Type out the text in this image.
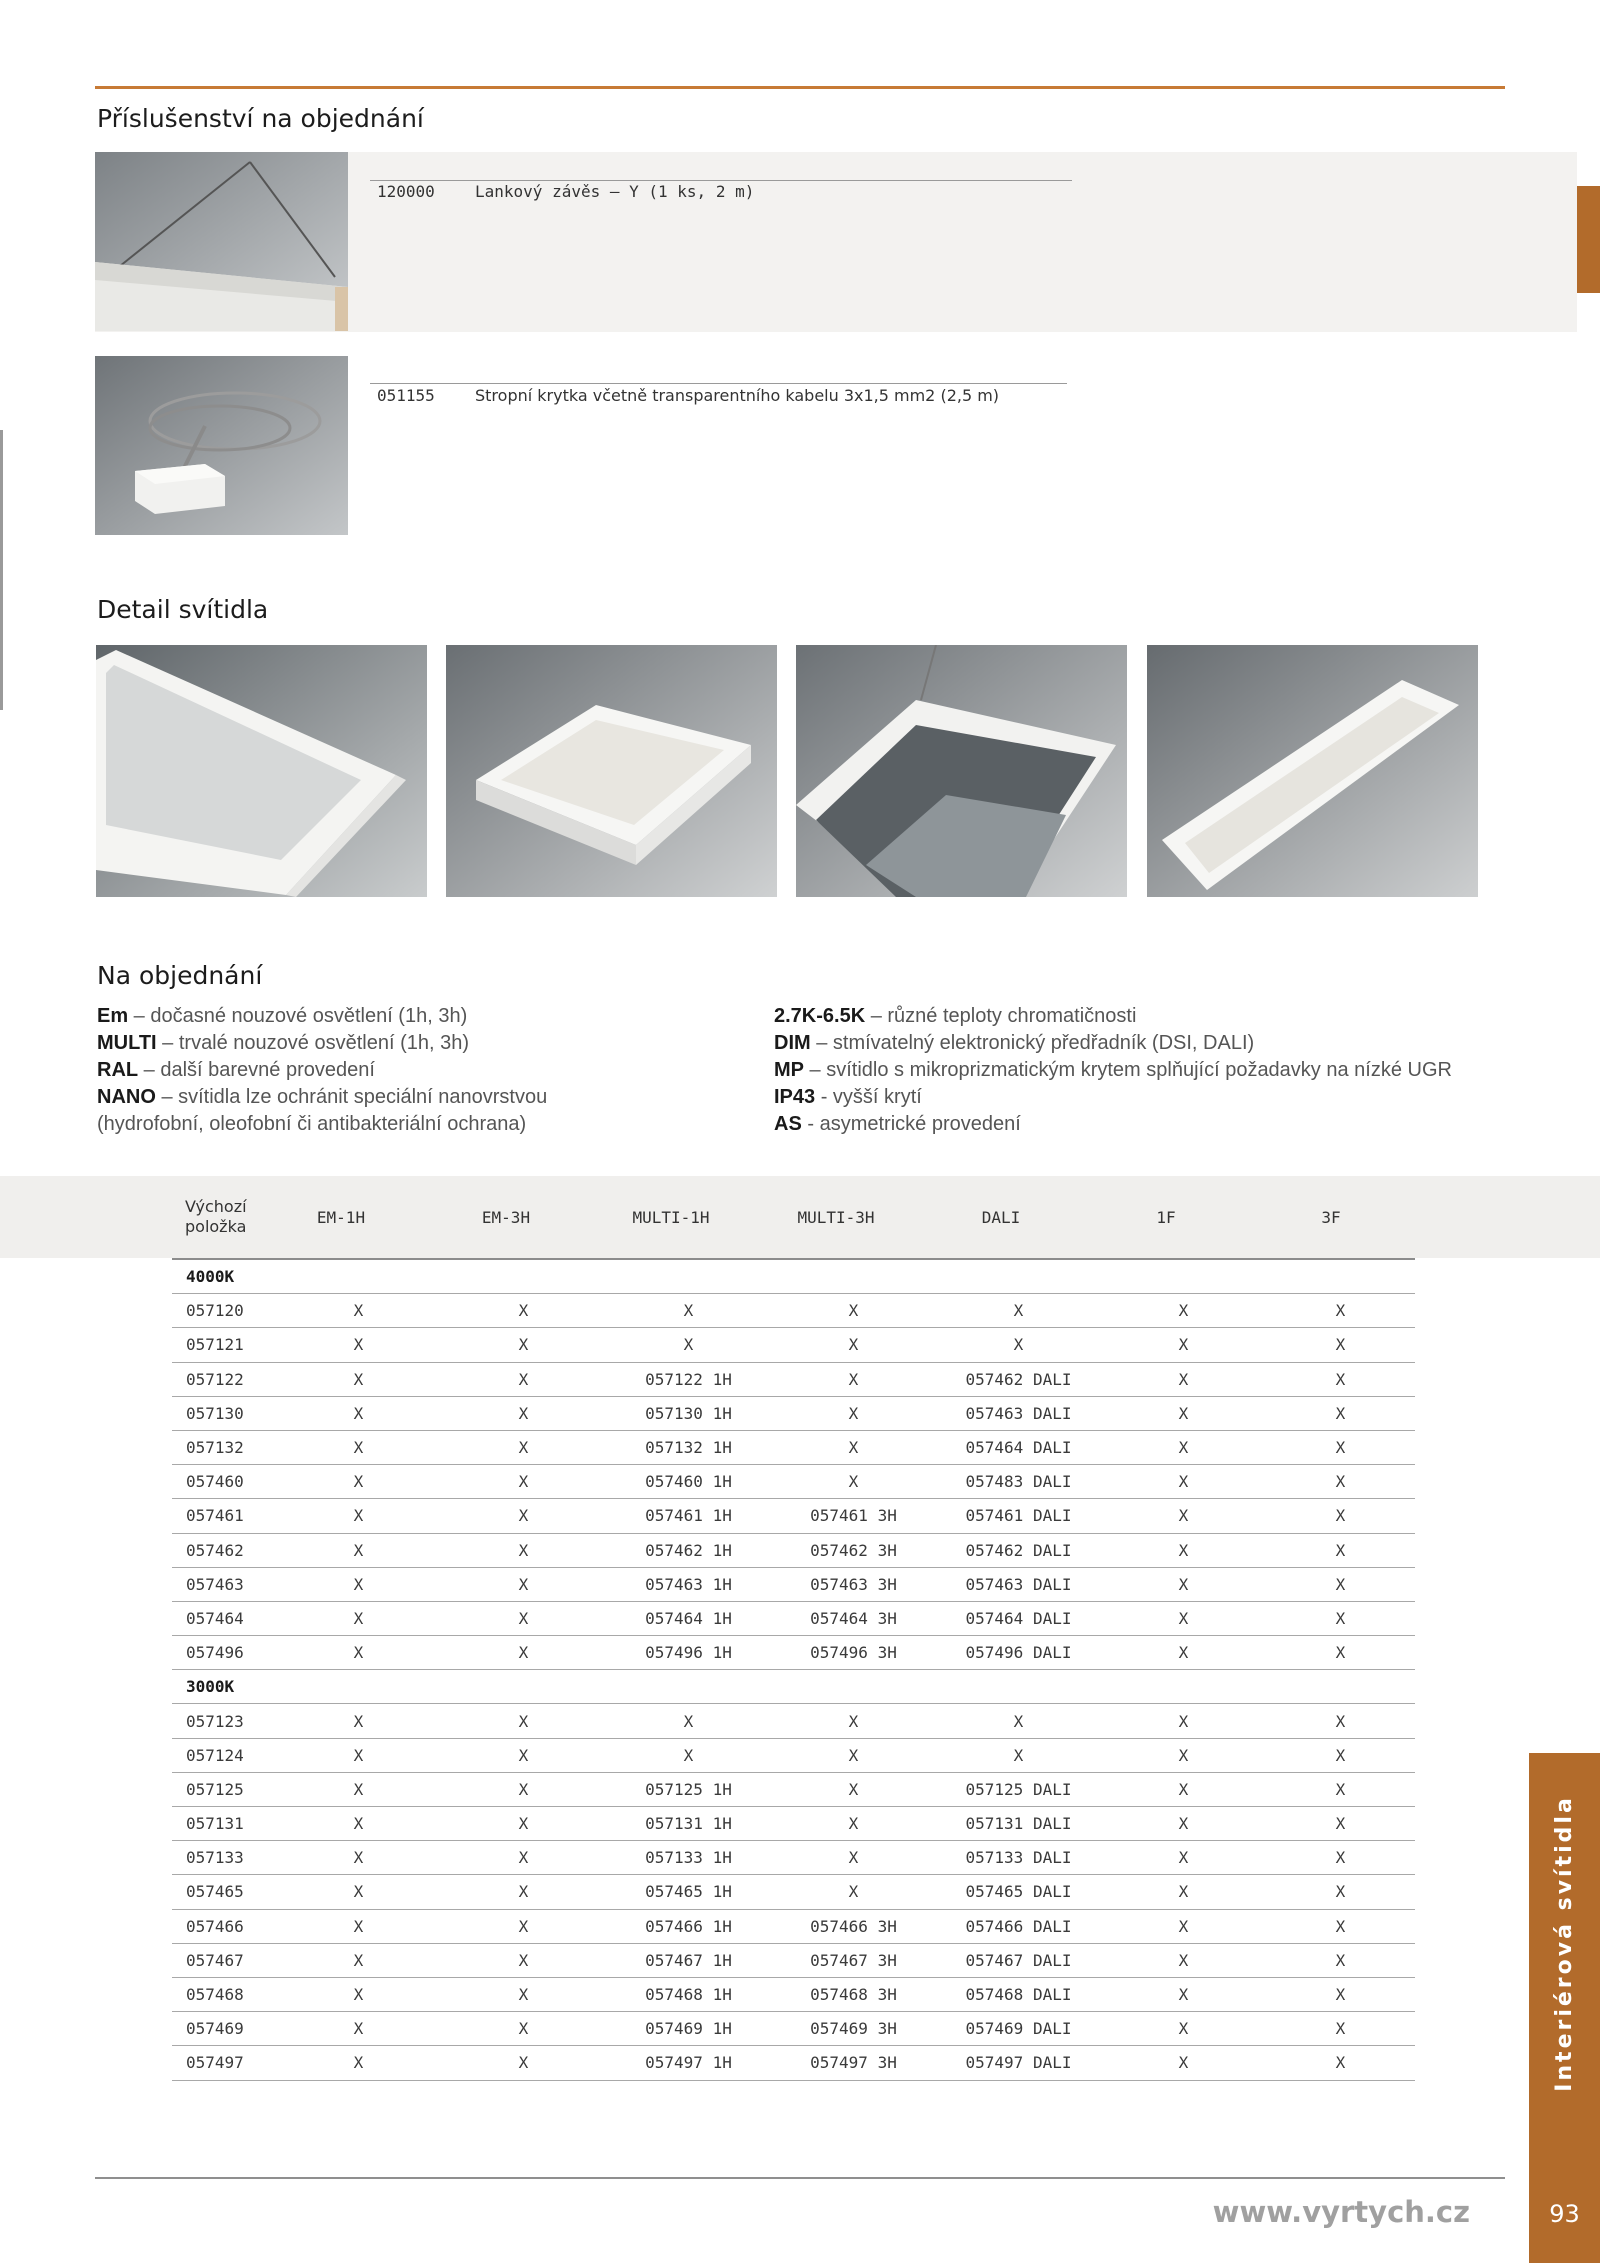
Příslušenství na objednání
120000	Lankový závěs – Y (1 ks, 2 m)
051155	Stropní krytka včetně transparentního kabelu 3x1,5 mm2 (2,5 m)
Detail svítidla
Na objednání
Em – dočasné nouzové osvětlení (1h, 3h)
MULTI – trvalé nouzové osvětlení (1h, 3h)
RAL – další barevné provedení
NANO – svítidla lze ochránit speciální nanovrstvou
(hydrofobní, oleofobní či antibakteriální ochrana)
2.7K-6.5K – různé teploty chromatičnosti
DIM – stmívatelný elektronický předřadník (DSI, DALI)
MP – svítidlo s mikroprizmatickým krytem splňující požadavky na nízké UGR
IP43 - vyšší krytí
AS - asymetrické provedení
Výchozí
položka	EM-1H	EM-3H	MULTI-1H	MULTI-3H	DALI	1F	3F

4000K							
057120	X	X	X	X	X	X	X
057121	X	X	X	X	X	X	X
057122	X	X	057122 1H	X	057462 DALI	X	X
057130	X	X	057130 1H	X	057463 DALI	X	X
057132	X	X	057132 1H	X	057464 DALI	X	X
057460	X	X	057460 1H	X	057483 DALI	X	X
057461	X	X	057461 1H	057461 3H	057461 DALI	X	X
057462	X	X	057462 1H	057462 3H	057462 DALI	X	X
057463	X	X	057463 1H	057463 3H	057463 DALI	X	X
057464	X	X	057464 1H	057464 3H	057464 DALI	X	X
057496	X	X	057496 1H	057496 3H	057496 DALI	X	X
3000K							
057123	X	X	X	X	X	X	X
057124	X	X	X	X	X	X	X
057125	X	X	057125 1H	X	057125 DALI	X	X
057131	X	X	057131 1H	X	057131 DALI	X	X
057133	X	X	057133 1H	X	057133 DALI	X	X
057465	X	X	057465 1H	X	057465 DALI	X	X
057466	X	X	057466 1H	057466 3H	057466 DALI	X	X
057467	X	X	057467 1H	057467 3H	057467 DALI	X	X
057468	X	X	057468 1H	057468 3H	057468 DALI	X	X
057469	X	X	057469 1H	057469 3H	057469 DALI	X	X
057497	X	X	057497 1H	057497 3H	057497 DALI	X	X
www.vyrtych.cz
Interiérová svítidla
93
